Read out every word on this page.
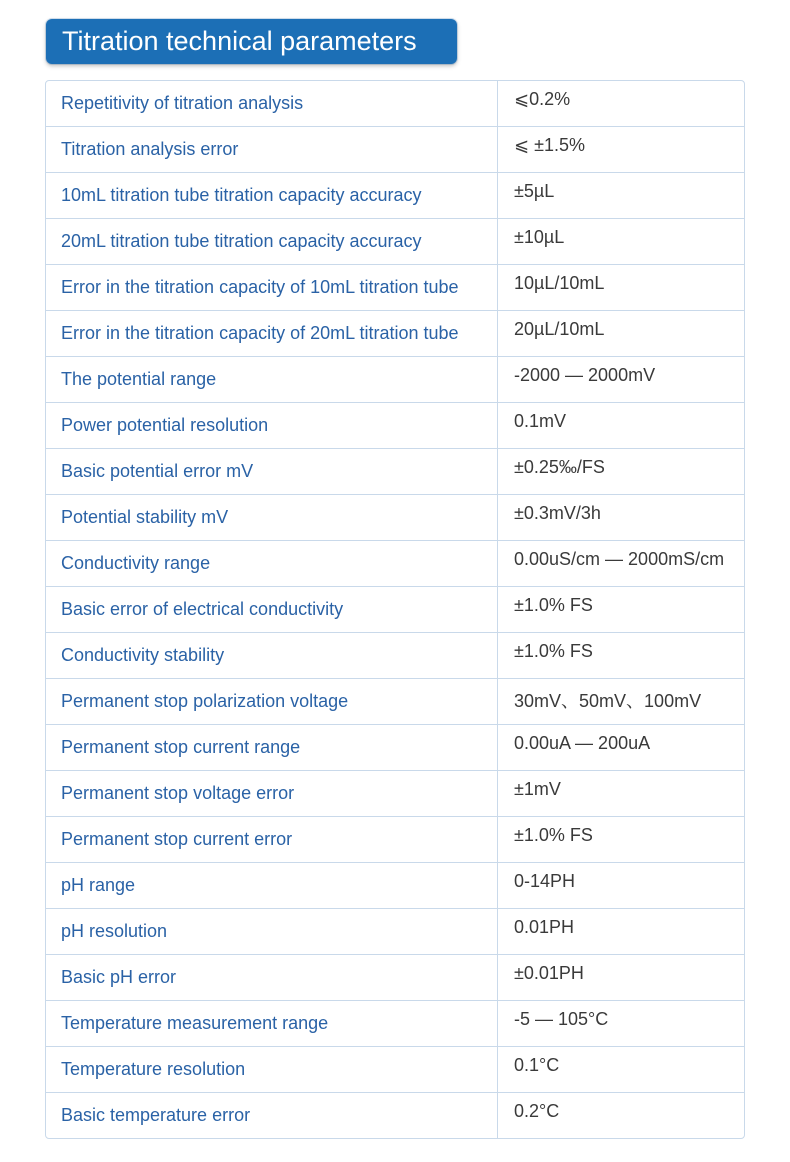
Titration technical parameters
Repetitivity of titration analysis	⩽0.2%
Titration analysis error	⩽ ±1.5%
10mL titration tube titration capacity accuracy	±5µL
20mL titration tube titration capacity accuracy	±10µL
Error in the titration capacity of 10mL titration tube	10µL/10mL
Error in the titration capacity of 20mL titration tube	20µL/10mL
The potential range	-2000 — 2000mV
Power potential resolution	0.1mV
Basic potential error mV	±0.25‰/FS
Potential stability mV	±0.3mV/3h
Conductivity range	0.00uS/cm — 2000mS/cm
Basic error of electrical conductivity	±1.0% FS
Conductivity stability	±1.0% FS
Permanent stop polarization voltage	30mV、50mV、100mV
Permanent stop current range	0.00uA — 200uA
Permanent stop voltage error	±1mV
Permanent stop current error	±1.0% FS
pH range	0-14PH
pH resolution	0.01PH
Basic pH error	±0.01PH
Temperature measurement range	-5 — 105°C
Temperature resolution	0.1°C
Basic temperature error	0.2°C
